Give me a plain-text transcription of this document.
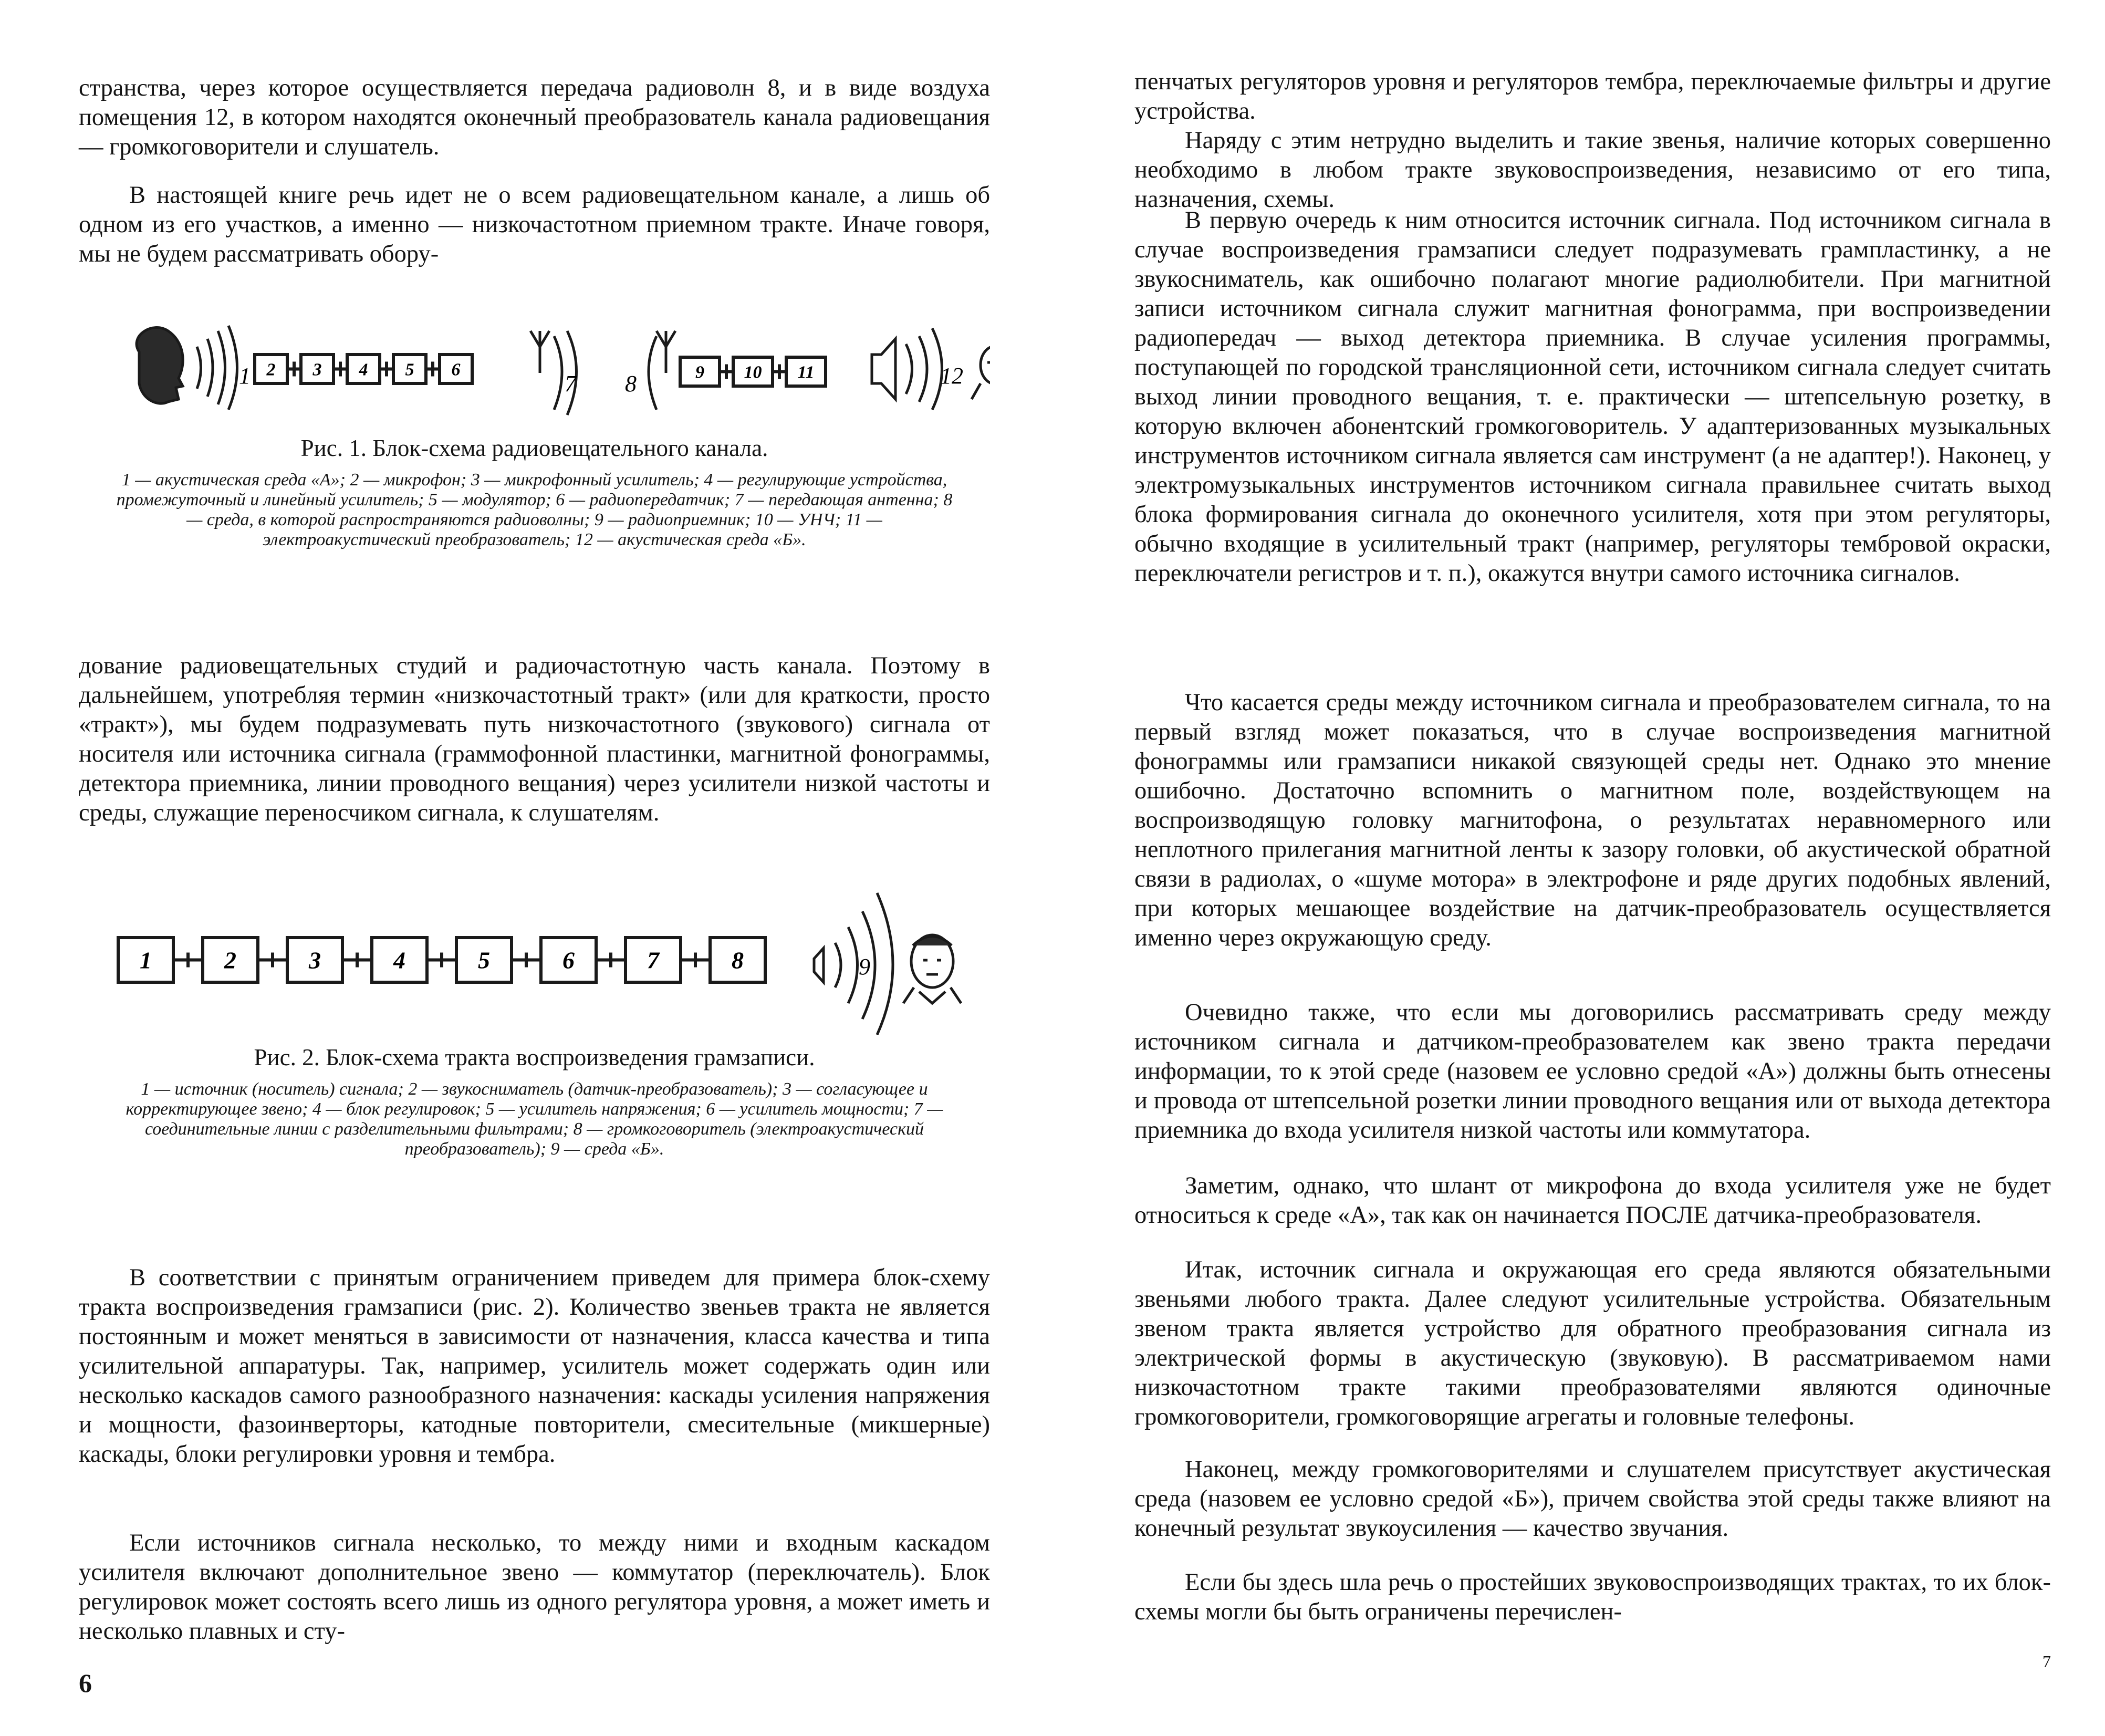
странства, через которое осуществляется передача радиоволн 8, и в виде воздуха помещения 12, в котором находятся оконечный преобразователь канала радиовещания — громкоговорители и слушатель.

В настоящей книге речь идет не о всем радиовещательном канале, а лишь об одном из его участков, а именно — низкочастотном приемном тракте. Иначе говоря, мы не будем рассматривать обору-

1 2 3 4 5 6
7 8	9 10 11	12

Рис. 1. Блок-схема радиовещательного канала.

1 — акустическая среда «А»; 2 — микрофон; 3 — микрофонный усилитель; 4 — регулирующие устройства, промежуточный и линейный усилитель; 5 — модулятор; 6 — радиопередатчик; 7 — передающая антенна; 8 — среда, в которой распространяются радиоволны; 9 — радиоприемник; 10 — УНЧ; 11 — электроакустический преобразователь; 12 — акустическая среда «Б».

дование радиовещательных студий и радиочастотную часть канала. Поэтому в дальнейшем, употребляя термин «низкочастотный тракт» (или для краткости, просто «тракт»), мы будем подразумевать путь низкочастотного (звукового) сигнала от носителя или источника сигнала (граммофонной пластинки, магнитной фонограммы, детектора приемника, линии проводного вещания) через усилители низкой частоты и среды, служащие переносчиком сигнала, к слушателям.

1	2	3	4	5	6	7	8	9

Рис. 2. Блок-схема тракта воспроизведения грамзаписи.

1 — источник (носитель) сигнала; 2 — звукосниматель (датчик-преобразователь); 3 — согласующее и корректирующее звено; 4 — блок регулировок; 5 — усилитель напряжения; 6 — усилитель мощности; 7 — соединительные линии с разделительными фильтрами; 8 — громкоговоритель (электроакустический преобразователь); 9 — среда «Б».

В соответствии с принятым ограничением приведем для примера блок-схему тракта воспроизведения грамзаписи (рис. 2). Количество звеньев тракта не является постоянным и может меняться в зависимости от назначения, класса качества и типа усилительной аппаратуры. Так, например, усилитель может содержать один или несколько каскадов самого разнообразного назначения: каскады усиления напряжения и мощности, фазоинверторы, катодные повторители, смесительные (микшерные) каскады, блоки регулировки уровня и тембра.

Если источников сигнала несколько, то между ними и входным каскадом усилителя включают дополнительное звено — коммутатор (переключатель). Блок регулировок может состоять всего лишь из одного регулятора уровня, а может иметь и несколько плавных и сту-

6

пенчатых регуляторов уровня и регуляторов тембра, переключаемые фильтры и другие устройства.

Наряду с этим нетрудно выделить и такие звенья, наличие которых совершенно необходимо в любом тракте звуковоспроизведения, независимо от его типа, назначения, схемы.

В первую очередь к ним относится источник сигнала. Под источником сигнала в случае воспроизведения грамзаписи следует подразумевать грампластинку, а не звукосниматель, как ошибочно полагают многие радиолюбители. При магнитной записи источником сигнала служит магнитная фонограмма, при воспроизведении радиопередач — выход детектора приемника. В случае усиления программы, поступающей по городской трансляционной сети, источником сигнала следует считать выход линии проводного вещания, т. е. практически — штепсельную розетку, в которую включен абонентский громкоговоритель. У адаптеризованных музыкальных инструментов источником сигнала является сам инструмент (а не адаптер!). Наконец, у электромузыкальных инструментов источником сигнала правильнее считать выход блока формирования сигнала до оконечного усилителя, хотя при этом регуляторы, обычно входящие в усилительный тракт (например, регуляторы тембровой окраски, переключатели регистров и т. п.), окажутся внутри самого источника сигналов.

Что касается среды между источником сигнала и преобразователем сигнала, то на первый взгляд может показаться, что в случае воспроизведения магнитной фонограммы или грамзаписи никакой связующей среды нет. Однако это мнение ошибочно. Достаточно вспомнить о магнитном поле, воздействующем на воспроизводящую головку магнитофона, о результатах неравномерного или неплотного прилегания магнитной ленты к зазору головки, об акустической обратной связи в радиолах, о «шуме мотора» в электрофоне и ряде других подобных явлений, при которых мешающее воздействие на датчик-преобразователь осуществляется именно через окружающую среду.

Очевидно также, что если мы договорились рассматривать среду между источником сигнала и датчиком-преобразователем как звено тракта передачи информации, то к этой среде (назовем ее условно средой «А») должны быть отнесены и провода от штепсельной розетки линии проводного вещания или от выхода детектора приемника до входа усилителя низкой частоты или коммутатора.

Заметим, однако, что шлант от микрофона до входа усилителя уже не будет относиться к среде «А», так как он начинается ПОСЛЕ датчика-преобразователя.

Итак, источник сигнала и окружающая его среда являются обязательными звеньями любого тракта. Далее следуют усилительные устройства. Обязательным звеном тракта является устройство для обратного преобразования сигнала из электрической формы в акустическую (звуковую). В рассматриваемом нами низкочастотном тракте такими преобразователями являются одиночные громкоговорители, громкоговорящие агрегаты и головные телефоны.

Наконец, между громкоговорителями и слушателем присутствует акустическая среда (назовем ее условно средой «Б»), причем свойства этой среды также влияют на конечный результат звукоусиления — качество звучания.

Если бы здесь шла речь о простейших звуковоспроизводящих трактах, то их блок-схемы могли бы быть ограничены перечислен-

7
